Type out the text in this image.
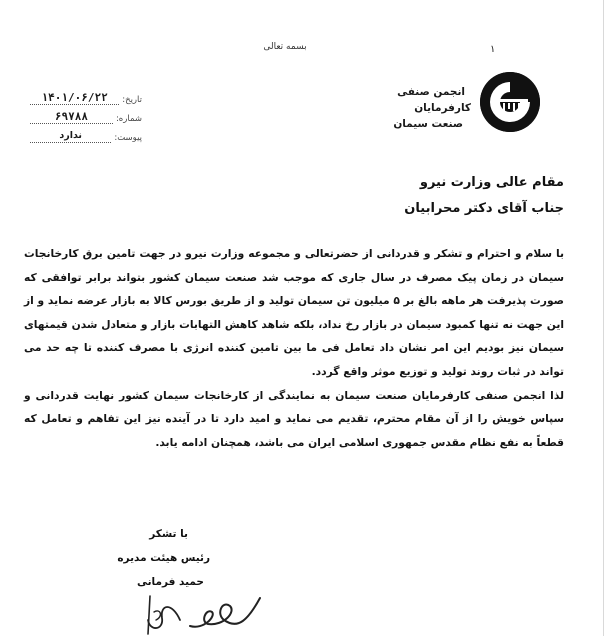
بسمه تعالی	۱
انجمن صنفی
کارفرمایان
صنعت سیمان
تاریخ:
۱۴۰۱/۰۶/۲۲
شماره:
۶۹۷۸۸
پیوست:
ندارد
مقام عالی وزارت نیرو
جناب آقای دکتر محرابیان

با سلام و احترام و تشکر و قدردانی از حضرتعالی و مجموعه وزارت نیرو در جهت تامین برق کارخانجات سیمان در زمان پیک مصرف در سال جاری که موجب شد صنعت سیمان کشور بتواند برابر توافقی که صورت پذیرفت هر ماهه بالغ بر ۵ میلیون تن سیمان تولید و از طریق بورس کالا به بازار عرضه نماید و از این جهت نه تنها کمبود سیمان در بازار رخ نداد، بلکه شاهد کاهش التهابات بازار و متعادل شدن قیمتهای سیمان نیز بودیم این امر نشان داد تعامل فی ما بین تامین کننده انرژی با مصرف کننده تا چه حد می تواند در ثبات روند تولید و توزیع موثر واقع گردد.

لذا انجمن صنفی کارفرمایان صنعت سیمان به نمایندگی از کارخانجات سیمان کشور نهایت قدردانی و سپاس خویش را از آن مقام محترم، تقدیم می نماید و امید دارد تا در آینده نیز این تفاهم و تعامل که قطعاً به نفع نظام مقدس جمهوری اسلامی ایران می باشد، همچنان ادامه یابد.

با تشکر
رئیس هیئت مدیره
حمید فرمانی
